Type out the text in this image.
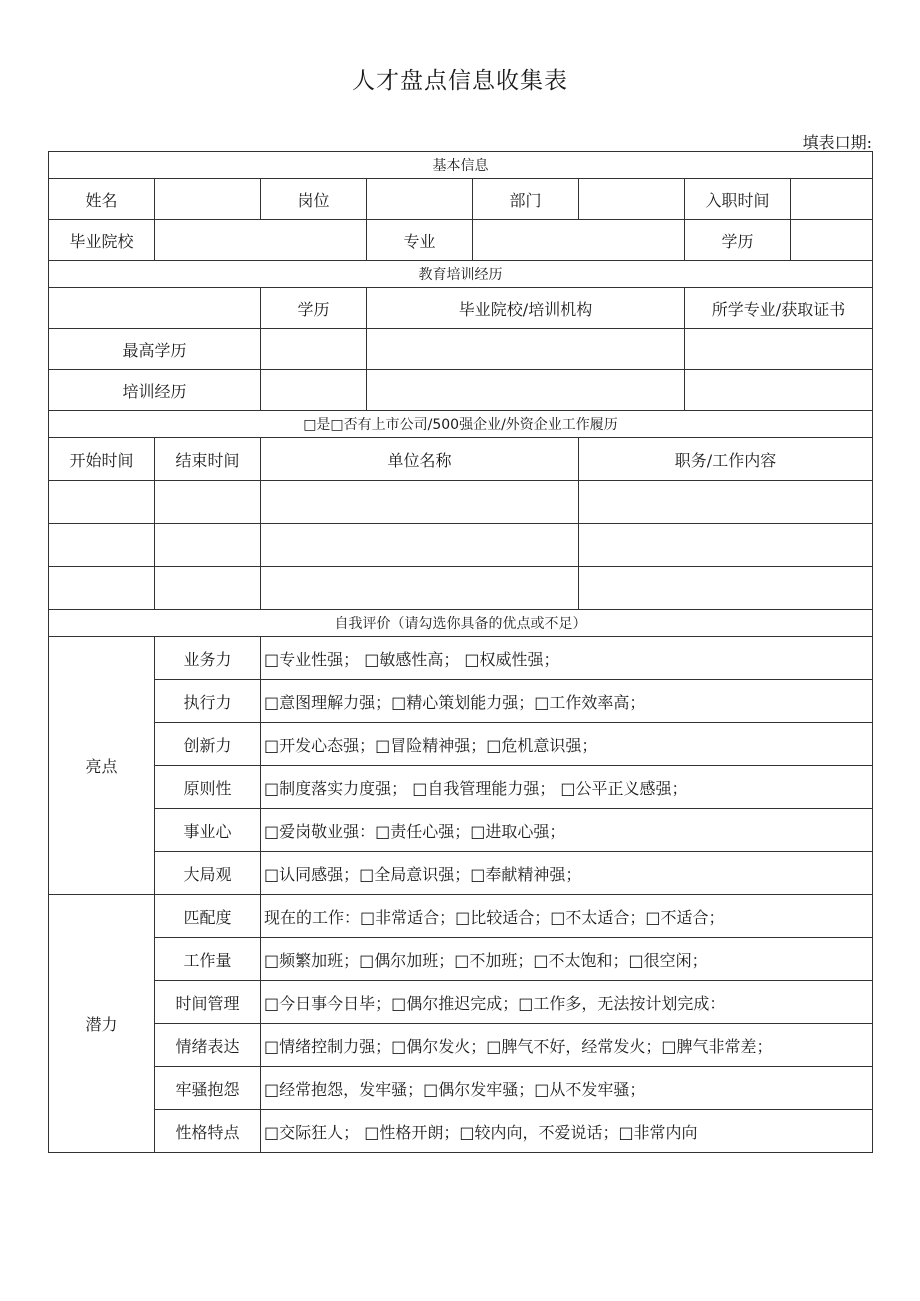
人才盘点信息收集表
填表口期:
基本信息							
姓名		岗位		部门		入职时间	
毕业院校			专业			学历	
教育培训经历							
		学历	毕业院校/培训机构			所学专业/获取证书	
最高学历							
培训经历							
□是□否有上市公司/500强企业/外资企业工作履历							
开始时间	结束时间	单位名称			职务/工作内容		

自我评价（请勾选你具备的优点或不足）							
亮点	业务力	□专业性强； □敏感性高； □权威性强；					
	执行力	□意图理解力强；□精心策划能力强；□工作效率高；					
	创新力	□开发心态强；□冒险精神强；□危机意识强；					
	原则性	□制度落实力度强； □自我管理能力强； □公平正义感强；					
	事业心	□爱岗敬业强：□责任心强；□进取心强；					
	大局观	□认同感强；□全局意识强；□奉献精神强；					
潜力	匹配度	现在的工作：□非常适合；□比较适合；□不太适合；□不适合；					
	工作量	□频繁加班；□偶尔加班；□不加班；□不太饱和；□很空闲；					
	时间管理	□今日事今日毕；□偶尔推迟完成；□工作多，无法按计划完成：					
	情绪表达	□情绪控制力强；□偶尔发火；□脾气不好，经常发火；□脾气非常差；					
	牢骚抱怨	□经常抱怨，发牢骚；□偶尔发牢骚；□从不发牢骚；					
	性格特点	□交际狂人； □性格开朗；□较内向，不爱说话；□非常内向					
